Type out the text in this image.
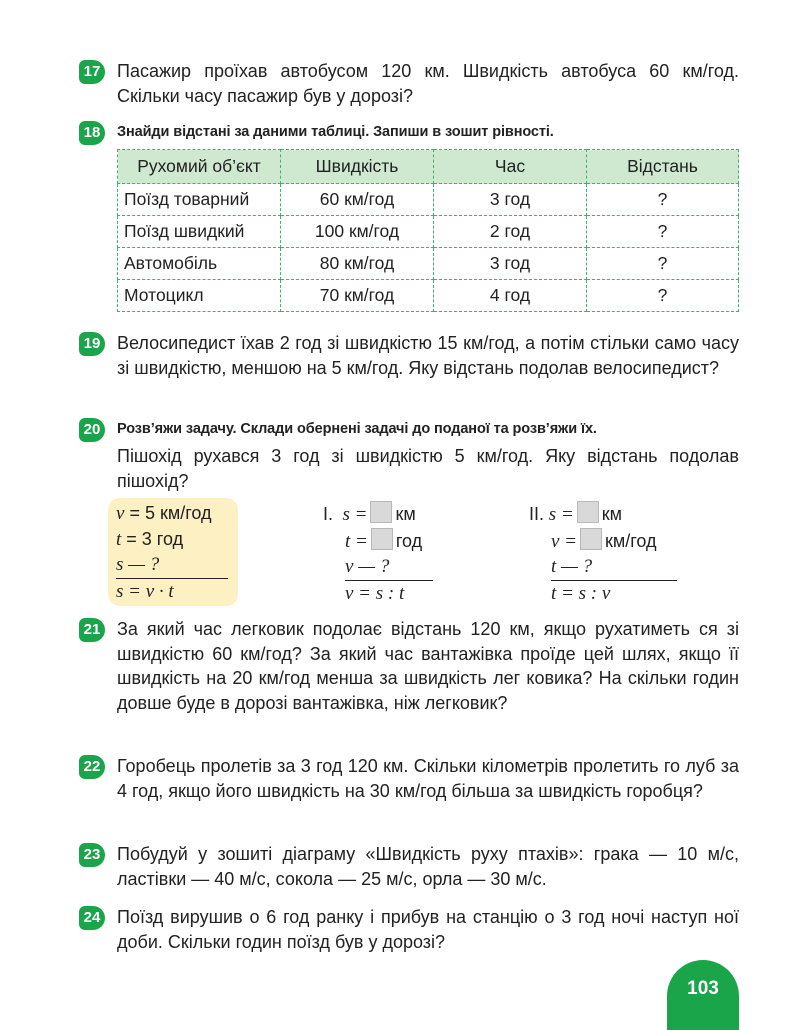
17 Пасажир проїхав автобусом 120 км. Швидкість автобуса 60 км/год. Скільки часу пасажир був у дорозі?
18	Знайди відстані за даними таблиці. Запиши в зошит рівності.
Рухомий об’єкт	Швидкість	Час	Відстань
Поїзд товарний	60 км/год	3 год	?
Поїзд швидкий	100 км/год	2 год	?
Автомобіль	80 км/год	3 год	?
Мотоцикл	70 км/год	4 год	?
19 Велосипедист їхав 2 год зі швидкістю 15 км/год, а потім стільки само часу зі швидкістю, меншою на 5 км/год. Яку відстань подолав велосипедист?
20	Розв’яжи задачу. Склади обернені задачі до поданої та розв’яжи їх.
Пішохід рухався 3 год зі швидкістю 5 км/год. Яку відстань подолав пішохід?
v = 5 км/год
t = 3 год
s — ?
s = v · t
I. s = км
t = год
v — ?
v = s : t
II. s = км
v = км/год
t — ?
t = s : v
21 За який час легковик подолає відстань 120 км, якщо рухатиметь ся зі швидкістю 60 км/год? За який час вантажівка проїде цей шлях, якщо її швидкість на 20 км/год менша за швидкість лег ковика? На скільки годин довше буде в дорозі вантажівка, ніж легковик?
22 Горобець пролетів за 3 год 120 км. Скільки кілометрів пролетить го луб за 4 год, якщо його швидкість на 30 км/год більша за швидкість горобця?
23 Побудуй у зошиті діаграму «Швидкість руху птахів»: грака — 10 м/с, ластівки — 40 м/с, сокола — 25 м/с, орла — 30 м/с.
24 Поїзд вирушив о 6 год ранку і прибув на станцію о 3 год ночі наступ ної доби. Скільки годин поїзд був у дорозі?
103
